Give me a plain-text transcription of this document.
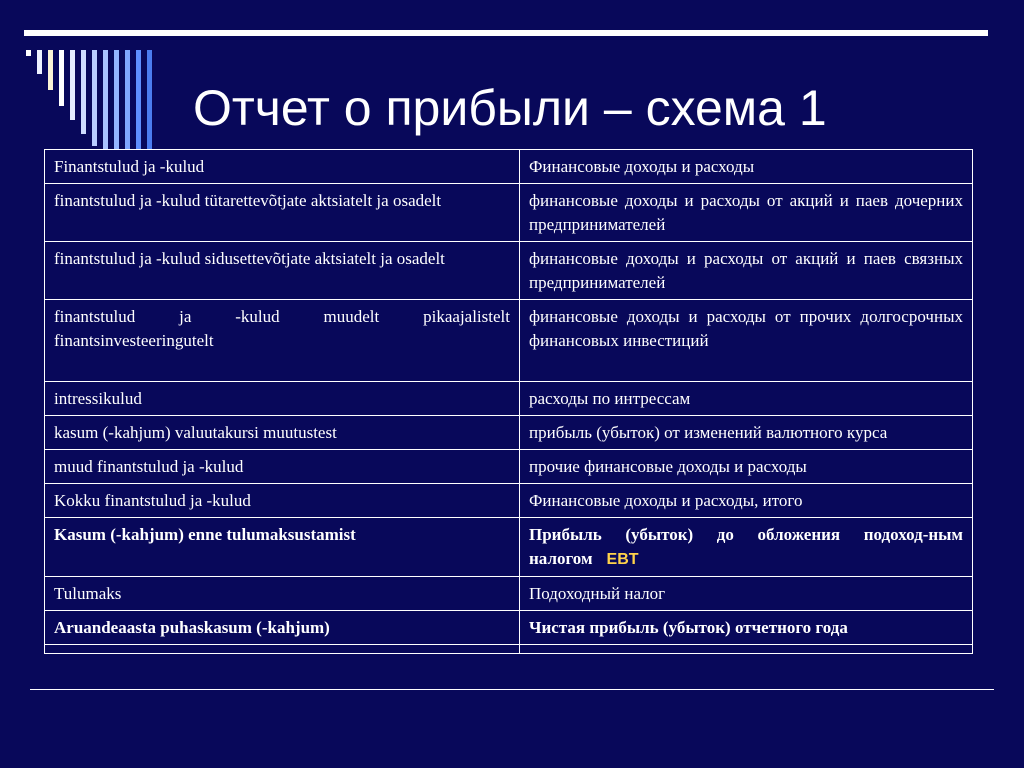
Отчет о прибыли – схема 1
Finantstulud ja -kulud	Финансовые доходы и расходы
finantstulud ja -kulud tütarettevõtjate aktsiatelt ja osadelt	финансовые доходы и расходы от акций и паев дочерних предпринимателей
finantstulud ja -kulud sidusettevõtjate aktsiatelt ja osadelt	финансовые доходы и расходы от акций и паев связных предпринимателей
finantstulud ja -kulud muudelt pikaajalistelt finantsinvesteeringutelt	финансовые доходы и расходы от прочих долгосрочных финансовых инвестиций
intressikulud	расходы по интрессам
kasum (-kahjum) valuutakursi muutustest	прибыль (убыток) от изменений валютного курса
muud finantstulud ja -kulud	прочие финансовые доходы и расходы
Kokku finantstulud ja -kulud	Финансовые доходы и расходы, итого
Kasum (-kahjum) enne tulumaksustamist	Прибыль (убыток) до обложения подоход-ным налогом EBT
Tulumaks	Подоходный налог
Aruandeaasta puhaskasum (-kahjum)	Чистая прибыль (убыток) отчетного года
